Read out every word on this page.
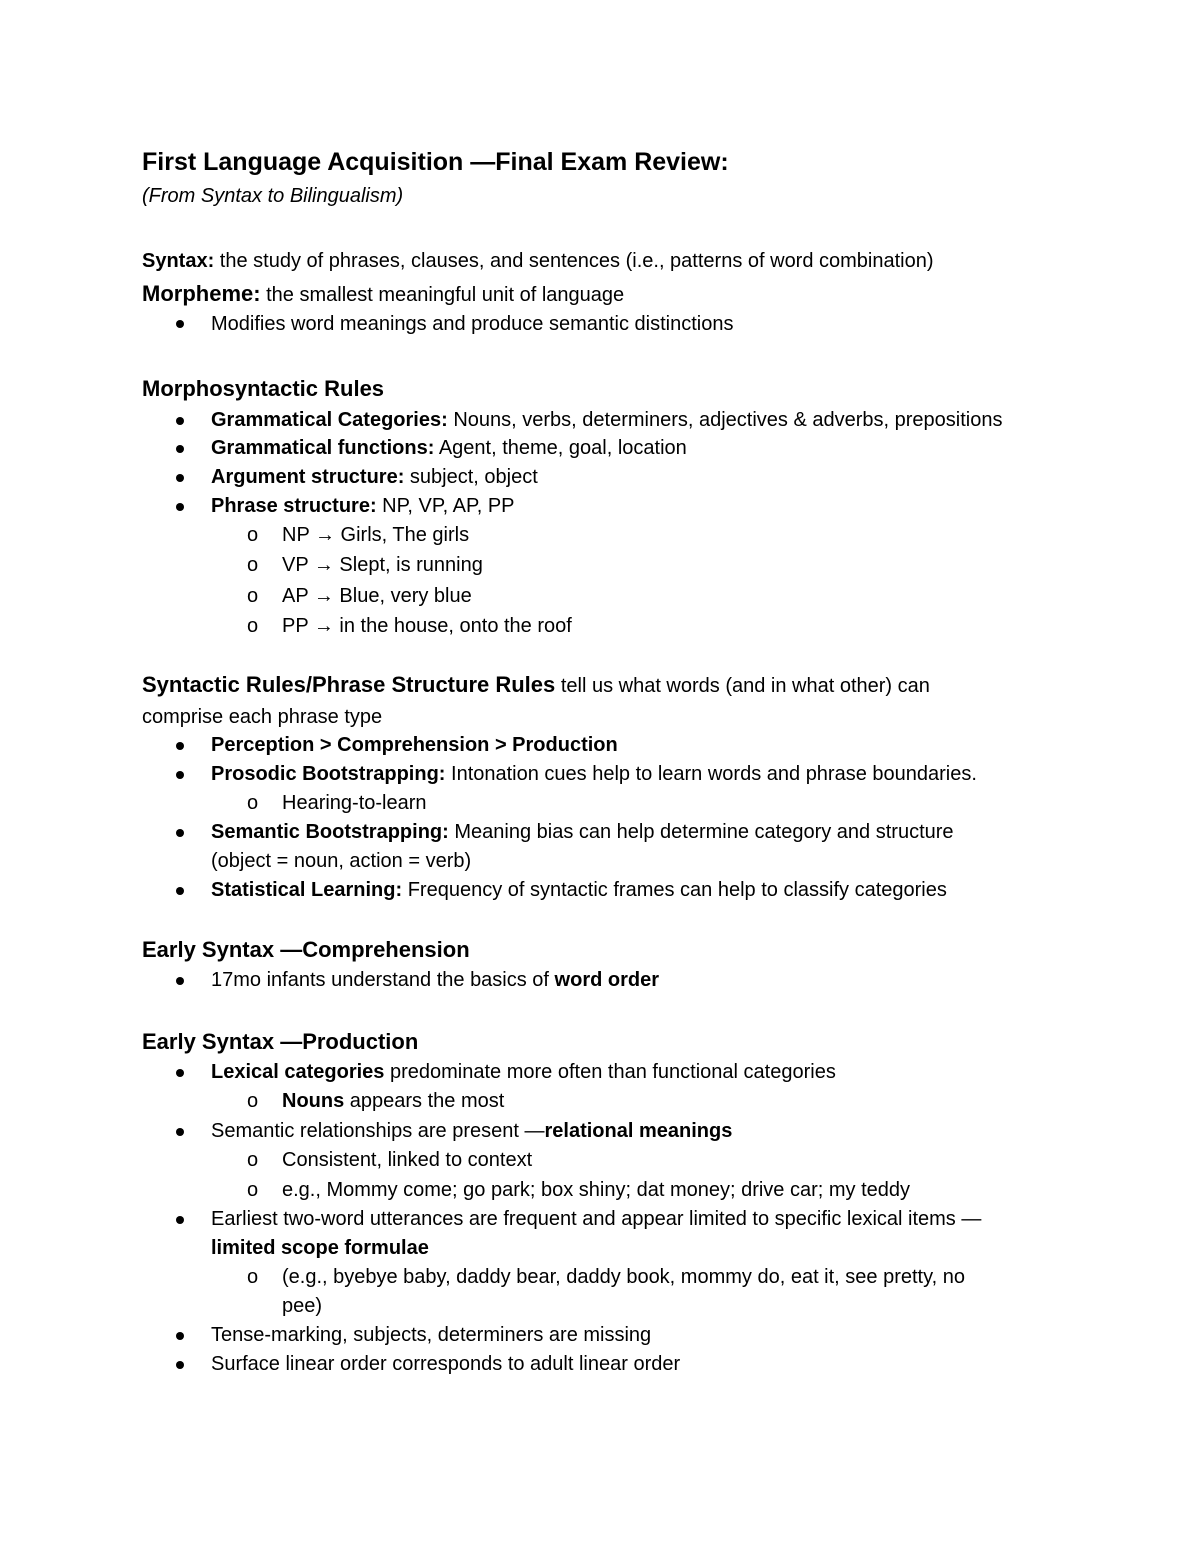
First Language Acquisition —Final Exam Review:
(From Syntax to Bilingualism)
Syntax: the study of phrases, clauses, and sentences (i.e., patterns of word combination)
Morpheme: the smallest meaningful unit of language
Modifies word meanings and produce semantic distinctions
Morphosyntactic Rules
Grammatical Categories: Nouns, verbs, determiners, adjectives & adverbs, prepositions
Grammatical functions: Agent, theme, goal, location
Argument structure: subject, object
Phrase structure: NP, VP, AP, PP
o NP → Girls, The girls
o VP → Slept, is running
o AP → Blue, very blue
o PP → in the house, onto the roof
Syntactic Rules/Phrase Structure Rules tell us what words (and in what other) can
comprise each phrase type
Perception > Comprehension > Production
Prosodic Bootstrapping: Intonation cues help to learn words and phrase boundaries.
o Hearing-to-learn
Semantic Bootstrapping: Meaning bias can help determine category and structure
(object = noun, action = verb)
Statistical Learning: Frequency of syntactic frames can help to classify categories
Early Syntax —Comprehension
17mo infants understand the basics of word order
Early Syntax —Production
Lexical categories predominate more often than functional categories
o Nouns appears the most
Semantic relationships are present —relational meanings
o Consistent, linked to context
o e.g., Mommy come; go park; box shiny; dat money; drive car; my teddy
Earliest two-word utterances are frequent and appear limited to specific lexical items —
limited scope formulae
o (e.g., byebye baby, daddy bear, daddy book, mommy do, eat it, see pretty, no
pee)
Tense-marking, subjects, determiners are missing
Surface linear order corresponds to adult linear order
